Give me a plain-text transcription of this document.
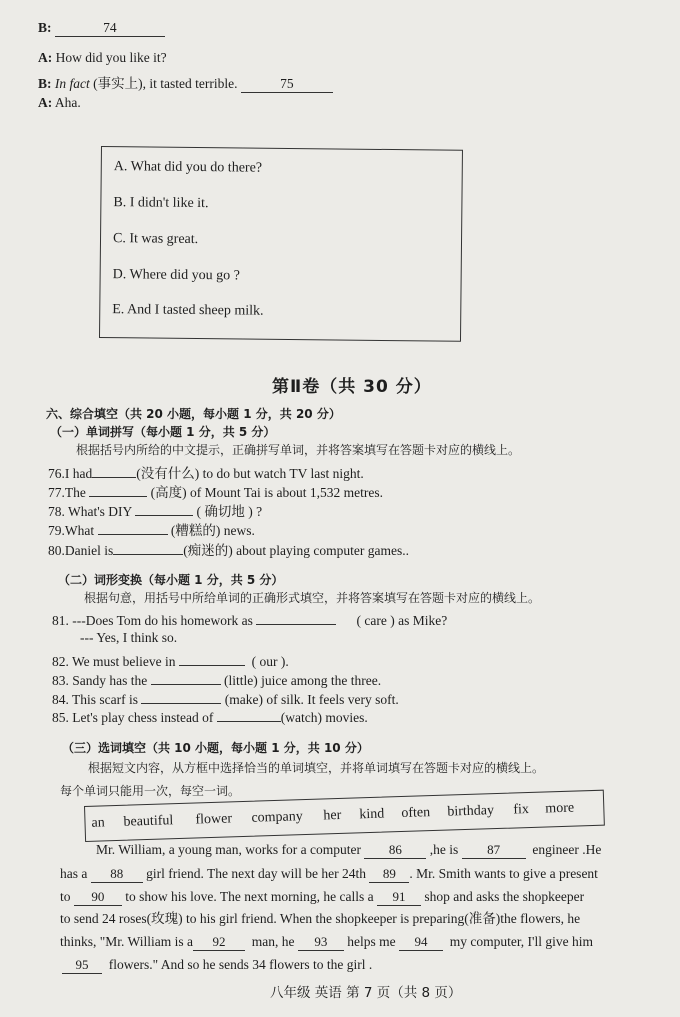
B:	74
A: How did you like it?
B: In fact (事实上), it tasted terrible.	75
A: Aha.
A. What did you do there?
B. I didn't like it.
C. It was great.
D. Where did you go ?
E. And I tasted sheep milk.
第Ⅱ卷（共 30 分）
六、综合填空（共 20 小题，每小题 1 分，共 20 分）
（一）单词拼写（每小题 1 分，共 5 分）
根据括号内所给的中文提示，正确拼写单词，并将答案填写在答题卡对应的横线上。
76.I had	(没有什么) to do but watch TV last night.
77.The	(高度) of Mount Tai is about 1,532 metres.
78. What's DIY	( 确切地 ) ?
79.What	(糟糕的) news.
80.Daniel is	(痴迷的) about playing computer games..
（二）词形变换（每小题 1 分，共 5 分）
根据句意，用括号中所给单词的正确形式填空，并将答案填写在答题卡对应的横线上。
81. ---Does Tom do his homework as	( care ) as Mike?
--- Yes, I think so.
82. We must believe in	( our ).
83. Sandy has the	(little) juice among the three.
84. This scarf is	(make) of silk. It feels very soft.
85. Let's play chess instead of	(watch) movies.
（三）选词填空（共 10 小题，每小题 1 分，共 10 分）
根据短文内容，从方框中选择恰当的单词填空，并将单词填写在答题卡对应的横线上。
每个单词只能用一次，每空一词。
an beautiful flower company her kind often birthday fix more
Mr. William, a young man, works for a computer 86 ,he is 87 engineer .He
has a 88 girl friend. The next day will be her 24th 89 . Mr. Smith wants to give a present
to 90 to show his love. The next morning, he calls a 91 shop and asks the shopkeeper
to send 24 roses(玫瑰) to his girl friend. When the shopkeeper is preparing(准备)the flowers, he
thinks, "Mr. William is a 92 man, he 93 helps me 94 my computer, I'll give him
95 flowers." And so he sends 34 flowers to the girl .
八年级 英语 第 7 页（共 8 页）
